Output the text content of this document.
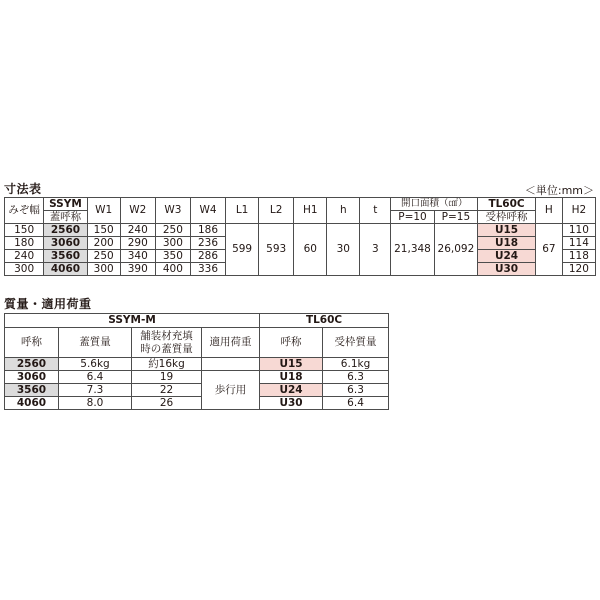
寸法表	＜単位:mm＞
みぞ幅	SSYM	W1	W2	W3	W4	L1	L2	H1	h	t	開口面積（㎠）		TL60C	H	H2
	蓋呼称										P=10	P=15	受枠呼称		
150	2560	150	240	250	186	599	593	60	30	3	21,348	26,092	U15	67	110
180	3060	200	290	300	236								U18		114
240	3560	250	340	350	286								U24		118
300	4060	300	390	400	336								U30		120
質量・適用荷重
SSYM-M				TL60C	
呼称	蓋質量	舗装材充填
時の蓋質量	適用荷重	呼称	受枠質量
2560	5.6kg	約16kg		U15	6.1kg
3060	6.4	19	歩行用	U18	6.3
3560	7.3	22		U24	6.3
4060	8.0	26		U30	6.4
